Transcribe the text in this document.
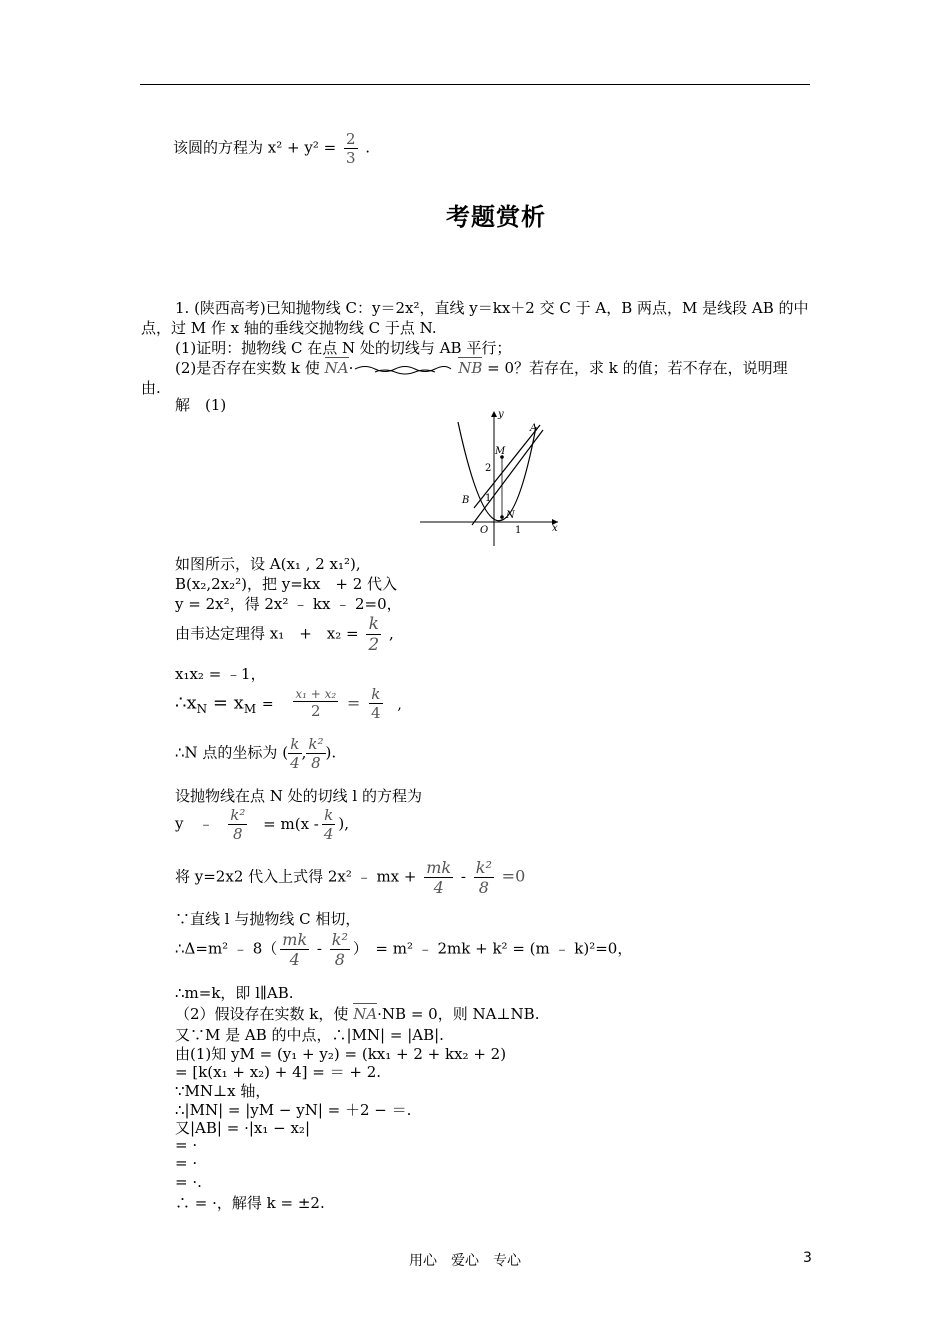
该圆的方程为 $x^2 + y^2 = \frac{2}{3}$ .
考题赏析
1. (陕西高考)已知抛物线 C：y＝2x²，直线 y＝kx＋2 交 C 于 A，B 两点，M 是线段 AB 的中
点，过 M 作 x 轴的垂线交抛物线 C 于点 N.
(1)证明：抛物线 C 在点 N 处的切线与 AB 平行；
(2)是否存在实数 k 使 NA·	NB = 0？若存在，求 k 的值；若不存在，说明理
由.
解　(1)
y
x
O
A
B
M
N
1
1
2
如图所示，设 A(x₁ , 2 x₁²),
B(x₂,2x₂²)，把 y=kx　+ 2 代入
y = 2x²，得 2x² ﹣ kx ﹣ 2=0，
由韦达定理得 x₁　+　$x_2 = \frac{k}{2}$ ,
x₁x₂ = ﹣1，
$\therefore x_N = x_M = \frac{\text{x₁ + x₂}}{2} = \frac{k}{4}$ ,
∴N 点的坐标为 ( $\frac{k}{4}$ , $\frac{\text{k²}}{8}$ ).
设抛物线在点 N 处的切线 l 的方程为
y　﹣ $\frac{\text{k²}}{8} = m(x - \frac{k}{4}$ ),
将 y=2x2 代入上式得 2x² ﹣ mx + $\frac{mk}{4} - \frac{\text{k²}}{8} =0$
∵直线 l 与抛物线 C 相切，
∴Δ=m² ﹣ $8( \frac{mk}{4} - \frac{\text{k²}}{8}$ ）　= m² ﹣ 2mk + k² = (m ﹣ k)²=0，
∴m=k，即 l∥AB.
（2）假设存在实数 k，使 NA·NB = 0，则 NA⊥NB.
又∵M 是 AB 的中点，∴|MN| = |AB|.
由(1)知 yM = (y₁ + y₂) = (kx₁ + 2 + kx₂ + 2)
= [k(x₁ + x₂) + 4] = ＝ + 2.
∵MN⊥x 轴，
∴|MN| = |yM − yN| = ＋2 − ＝.
又|AB| = ·|x₁ − x₂|
= ·
= ·
= ·.
∴ = ·，解得 k = ±2.
用心　爱心　专心	3
